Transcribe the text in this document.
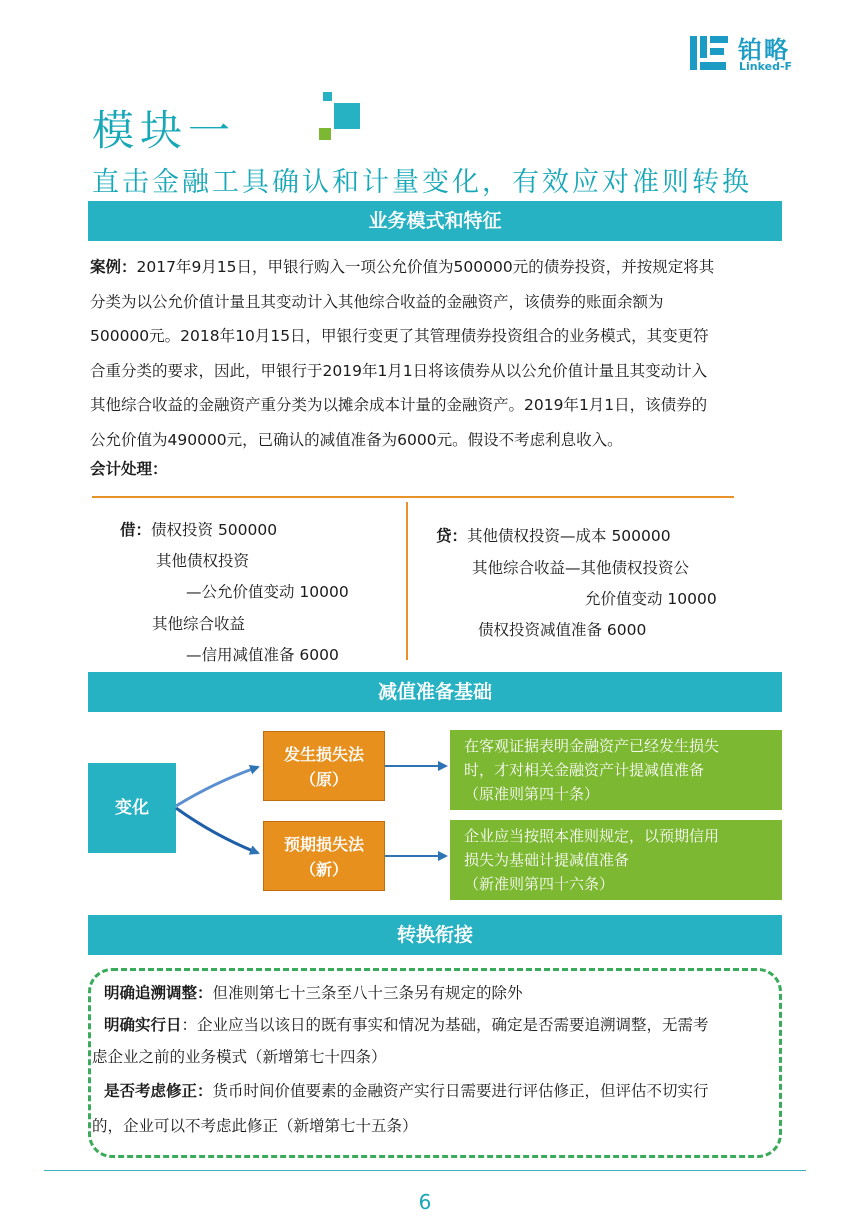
铂略
Linked-F
模块一
直击金融工具确认和计量变化，有效应对准则转换
业务模式和特征
案例：2017年9月15日，甲银行购入一项公允价值为500000元的债券投资，并按规定将其
分类为以公允价值计量且其变动计入其他综合收益的金融资产，该债券的账面余额为
500000元。2018年10月15日，甲银行变更了其管理债券投资组合的业务模式，其变更符
合重分类的要求，因此，甲银行于2019年1月1日将该债券从以公允价值计量且其变动计入
其他综合收益的金融资产重分类为以摊余成本计量的金融资产。2019年1月1日，该债券的
公允价值为490000元，已确认的减值准备为6000元。假设不考虑利息收入。
会计处理：
借：债权投资 500000
其他债权投资
—公允价值变动 10000
其他综合收益
—信用减值准备 6000
贷：其他债权投资—成本 500000
其他综合收益—其他债权投资公
允价值变动 10000
债权投资减值准备 6000
减值准备基础
变化
发生损失法
（原）
预期损失法
（新）
在客观证据表明金融资产已经发生损失
时，才对相关金融资产计提减值准备
（原准则第四十条）
企业应当按照本准则规定，以预期信用
损失为基础计提减值准备
（新准则第四十六条）
转换衔接
明确追溯调整：但准则第七十三条至八十三条另有规定的除外
明确实行日：企业应当以该日的既有事实和情况为基础，确定是否需要追溯调整，无需考
虑企业之前的业务模式（新增第七十四条）
是否考虑修正：货币时间价值要素的金融资产实行日需要进行评估修正，但评估不切实行
的，企业可以不考虑此修正（新增第七十五条）
6
